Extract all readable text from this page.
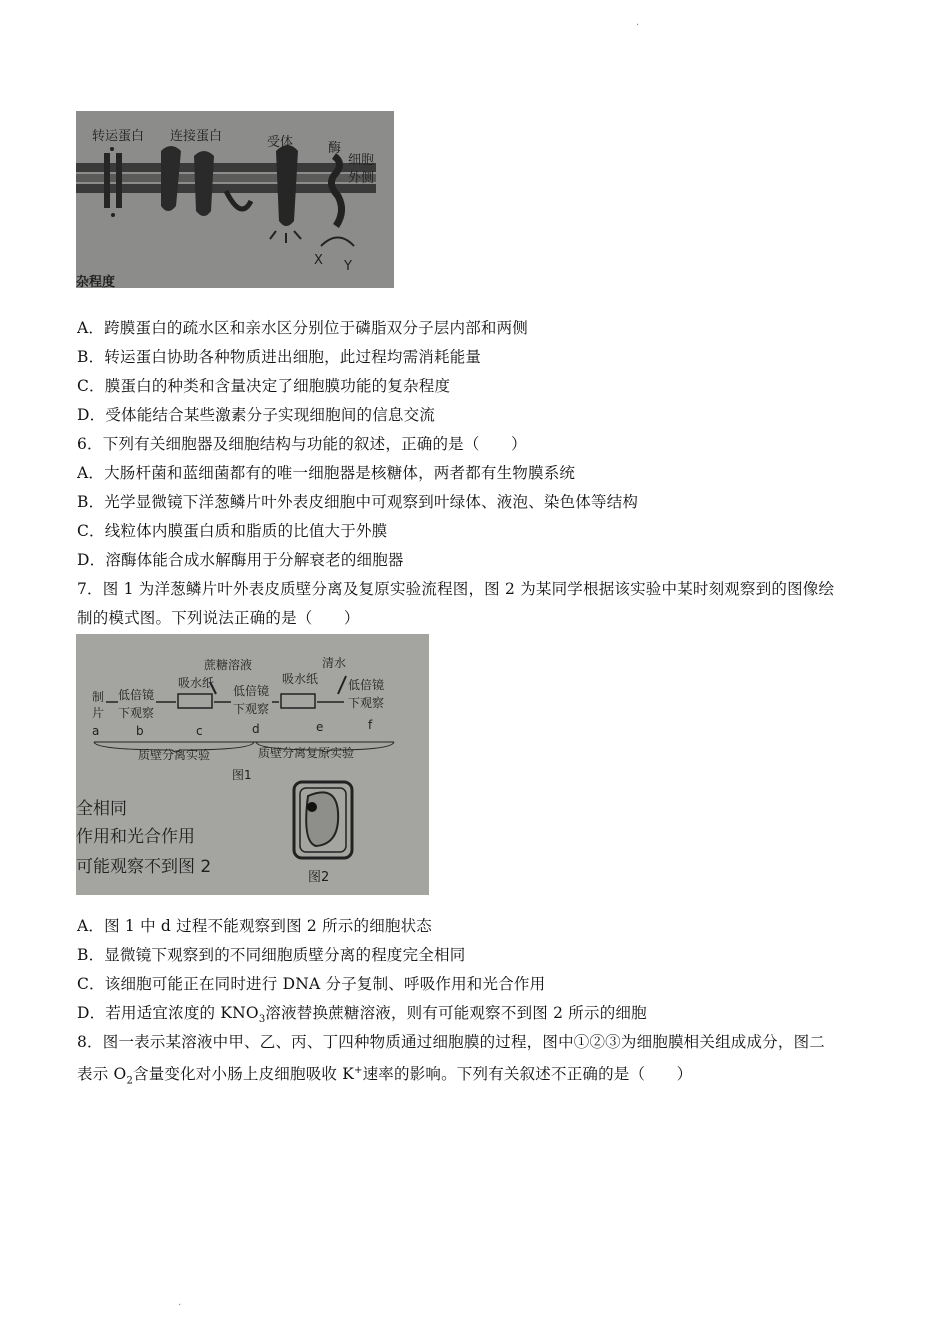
·
·
转运蛋白 连接蛋白	受体	酶
细胞
外侧
X Y
杂程度
A．跨膜蛋白的疏水区和亲水区分别位于磷脂双分子层内部和两侧
B．转运蛋白协助各种物质进出细胞，此过程均需消耗能量
C．膜蛋白的种类和含量决定了细胞膜功能的复杂程度
D．受体能结合某些激素分子实现细胞间的信息交流
6．下列有关细胞器及细胞结构与功能的叙述，正确的是（　　）
A．大肠杆菌和蓝细菌都有的唯一细胞器是核糖体，两者都有生物膜系统
B．光学显微镜下洋葱鳞片叶外表皮细胞中可观察到叶绿体、液泡、染色体等结构
C．线粒体内膜蛋白质和脂质的比值大于外膜
D．溶酶体能合成水解酶用于分解衰老的细胞器
7．图 1 为洋葱鳞片叶外表皮质壁分离及复原实验流程图，图 2 为某同学根据该实验中某时刻观察到的图像绘
制的模式图。下列说法正确的是（　　）
蔗糖溶液	清水
吸水纸	吸水纸
制
片
低倍镜
下观察
低倍镜
下观察
低倍镜
下观察
a	b	c	d	e	f
质壁分离实验	质壁分离复原实验
图1
图2
全相同
作用和光合作用
可能观察不到图 2
A．图 1 中 d 过程不能观察到图 2 所示的细胞状态
B．显微镜下观察到的不同细胞质壁分离的程度完全相同
C．该细胞可能正在同时进行 DNA 分子复制、呼吸作用和光合作用
D．若用适宜浓度的 $KNO_3$溶液替换蔗糖溶液，则有可能观察不到图 2 所示的细胞
8．图一表示某溶液中甲、乙、丙、丁四种物质通过细胞膜的过程，图中①②③为细胞膜相关组成成分，图二
表示 $O_2$含量变化对小肠上皮细胞吸收 K+速率的影响。下列有关叙述不正确的是（　　）
